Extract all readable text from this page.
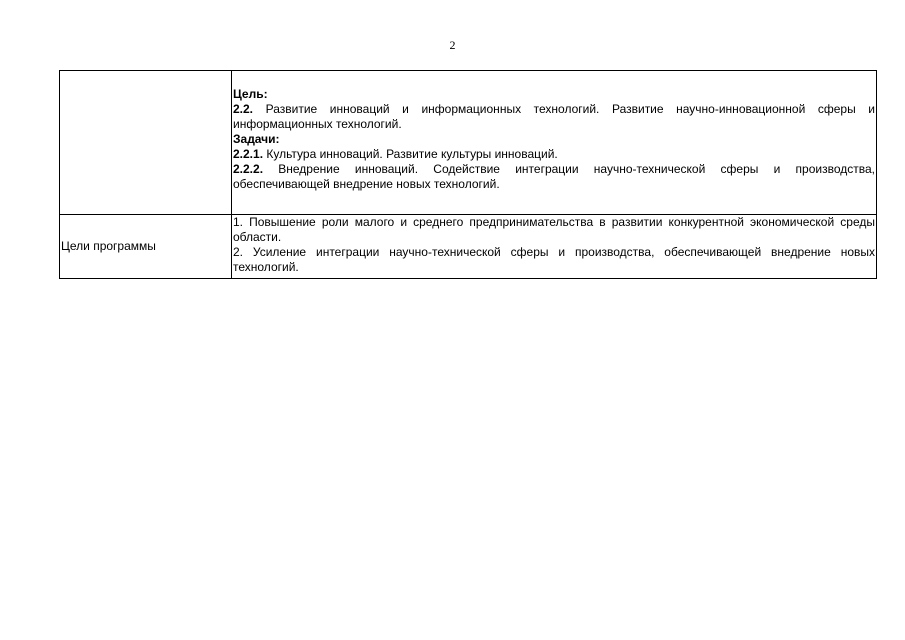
2

	Цель:

2.2. Развитие инноваций и информационных технологий. Развитие научно-инновационной сферы и информационных технологий.

Задачи:

2.2.1. Культура инноваций. Развитие культуры инноваций.

2.2.2. Внедрение инноваций. Содействие интеграции научно-технической сферы и производства, обеспечивающей внедрение новых технологий.

Цели программы	1. Повышение роли малого и среднего предпринимательства в развитии конкурентной экономической среды области.

2. Усиление интеграции научно-технической сферы и производства, обеспечивающей внедрение новых технологий.
